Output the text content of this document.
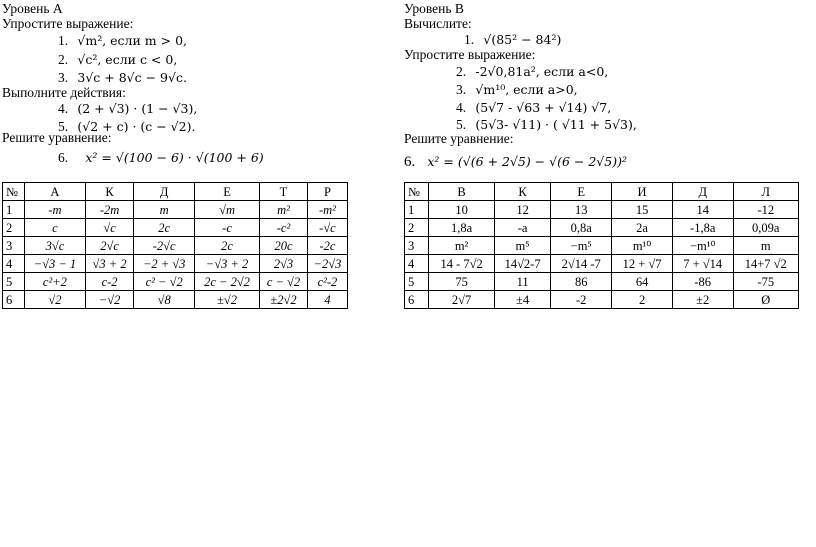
Уровень А
Упростите выражение:
1. √m², если m > 0,
2. √c², если c < 0,
3. 3√c + 8√c − 9√c.
Выполните действия:
4. (2 + √3) · (1 − √3),
5. (√2 + c) · (c − √2).
Решите уравнение:
6. x² = √(100 − 6) · √(100 + 6)
№	А	К	Д	Е	Т	Р
1	-m	-2m	m	√m	m²	-m²
2	c	√c	2c	-c	-c²	-√c
3	3√c	2√c	-2√c	2c	20c	-2c
4	−√3 − 1	√3 + 2	−2 + √3	−√3 + 2	2√3	−2√3
5	c²+2	c-2	c² − √2	2c − 2√2	c − √2	c²-2
6	√2	−√2	√8	±√2	±2√2	4
Уровень В
Вычислите:
1. √(85² − 84²)
Упростите выражение:
2. -2√0,81a², если a<0,
3. √m¹⁰, если a>0,
4. (5√7 - √63 + √14) √7,
5. (5√3- √11) · ( √11 + 5√3),
Решите уравнение:
6. x² = (√(6 + 2√5) − √(6 − 2√5))²
№	В	К	Е	И	Д	Л
1	10	12	13	15	14	-12
2	1,8a	-a	0,8a	2a	-1,8a	0,09a
3	m²	m⁵	−m⁵	m¹⁰	−m¹⁰	m
4	14 - 7√2	14√2-7	2√14 -7	12 + √7	7 + √14	14+7 √2
5	75	11	86	64	-86	-75
6	2√7	±4	-2	2	±2	Ø
